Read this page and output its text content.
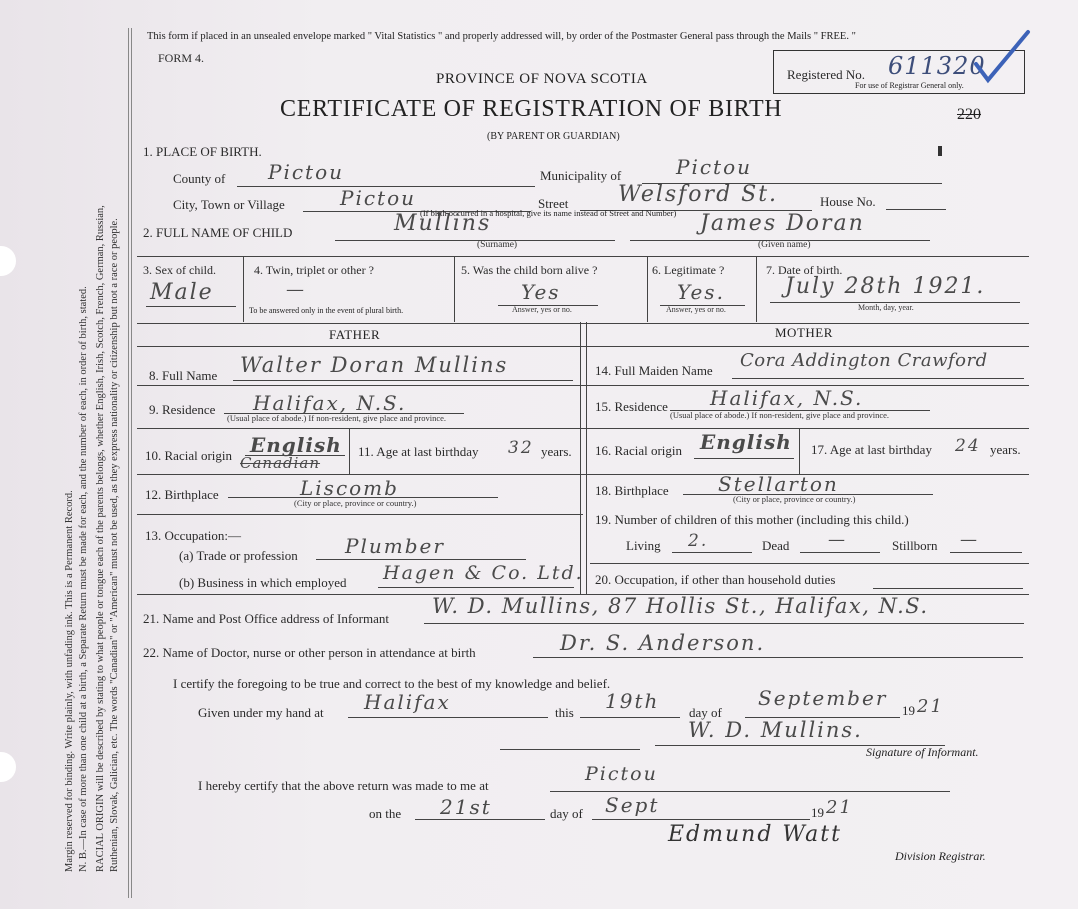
Margin reserved for binding. Write plainly, with unfading ink. This is a Permanent Record. N. B.—In case of more than one child at a birth, a Separate Return must be made for each, and the number of each, in order of birth, stated. RACIAL ORIGIN will be described by stating to what people or tongue each of the parents belongs, whether English, Irish, Scotch, French, German, Russian, Ruthenian, Slovak, Galician, etc. The words "Canadian" or "American" must not be used, as they express nationality or citizenship but not a race or people.
This form if placed in an unsealed envelope marked " Vital Statistics " and properly addressed will, by order of the Postmaster General pass through the Mails " FREE. "
FORM 4.
PROVINCE OF NOVA SCOTIA
CERTIFICATE OF REGISTRATION OF BIRTH
(BY PARENT OR GUARDIAN)
Registered No. 611320
For use of Registrar General only.
220
1. PLACE OF BIRTH.
County of Pictou	Municipality of	Pictou
City, Town or Village	Pictou	Street Welsford St.	House No.
(If birth occurred in a hospital, give its name instead of Street and Number)
2. FULL NAME OF CHILD	Mullins
(Surname)
James Doran
(Given name)
3. Sex of child.
Male
4. Twin, triplet or other ?
—
To be answered only in the event of plural birth.
5. Was the child born alive ?
Yes
Answer, yes or no.
6. Legitimate ?
Yes.
Answer, yes or no.
7. Date of birth.
July 28th 1921.
Month, day, year.
FATHER	MOTHER
8. Full Name Walter Doran Mullins
9. Residence Halifax, N.S.
(Usual place of abode.) If non-resident, give place and province.
10. Racial origin English
Canadian
11. Age at last birthday 32 years.
12. Birthplace	Liscomb
(City or place, province or country.)
13. Occupation:—
(a) Trade or profession Plumber
(b) Business in which employed Hagen & Co. Ltd.
14. Full Maiden Name Cora Addington Crawford
15. Residence Halifax, N.S.
(Usual place of abode.) If non-resident, give place and province.
16. Racial origin English 17. Age at last birthday 24 years.
18. Birthplace Stellarton
(City or place, province or country.)
19. Number of children of this mother (including this child.)
Living 2.	Dead —	Stillborn —
20. Occupation, if other than household duties
21. Name and Post Office address of Informant
W. D. Mullins, 87 Hollis St., Halifax, N.S.
22. Name of Doctor, nurse or other person in attendance at birth	Dr. S. Anderson.
I certify the foregoing to be true and correct to the best of my knowledge and belief.
Given under my hand at Halifax	this 19th day of
September
19 21
W. D. Mullins.
Signature of Informant.
I hereby certify that the above return was made to me at
Pictou
on the 21st	day of Sept	19 21
Edmund Watt
Division Registrar.
